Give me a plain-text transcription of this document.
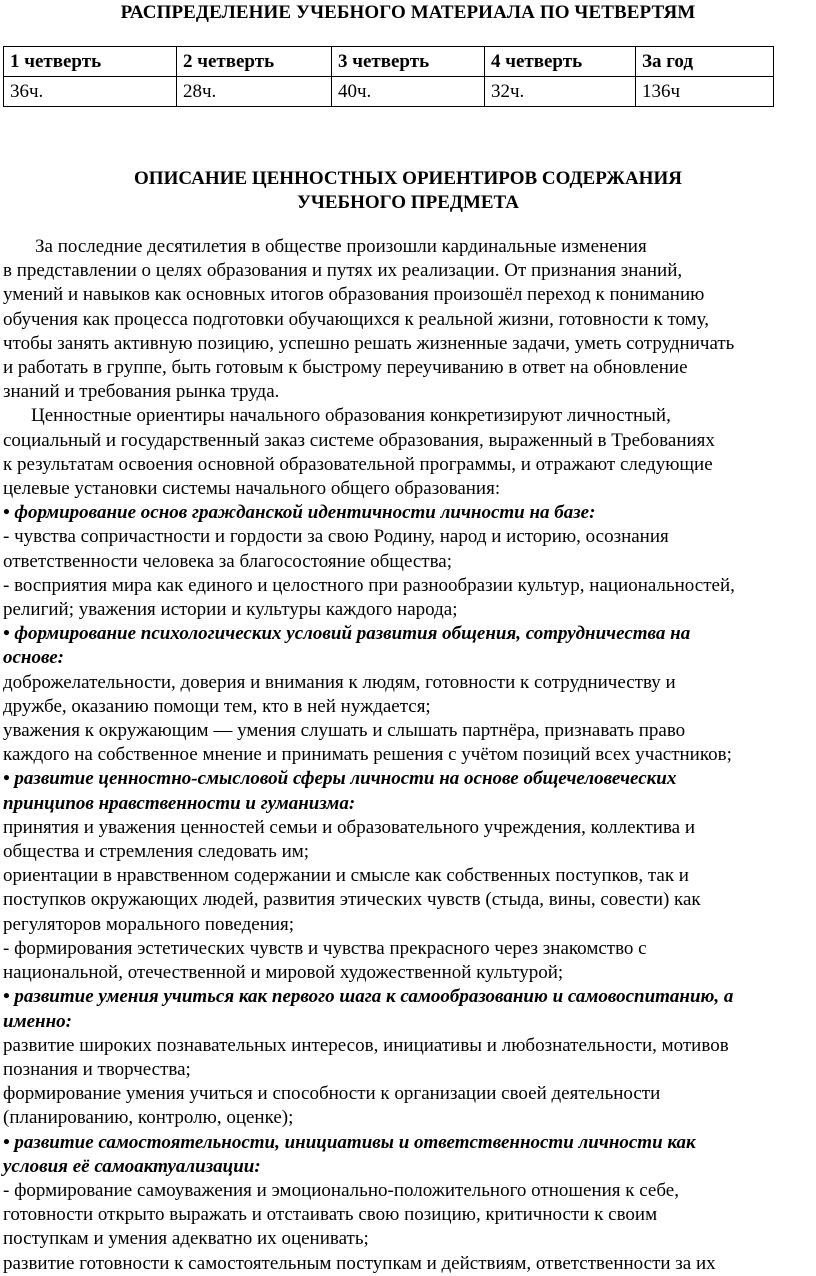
РАСПРЕДЕЛЕНИЕ УЧЕБНОГО МАТЕРИАЛА ПО ЧЕТВЕРТЯМ
1 четверть	2 четверть	3 четверть	4 четверть	За год
36ч.	28ч.	40ч.	32ч.	136ч
ОПИСАНИЕ ЦЕННОСТНЫХ ОРИЕНТИРОВ СОДЕРЖАНИЯ
УЧЕБНОГО ПРЕДМЕТА

За последние десятилетия в обществе произошли кардинальные изменения
в представлении о целях образования и путях их реализации. От признания знаний,
умений и навыков как основных итогов образования произошёл переход к пониманию
обучения как процесса подготовки обучающихся к реальной жизни, готовности к тому,
чтобы занять активную позицию, успешно решать жизненные задачи, уметь сотрудничать
и работать в группе, быть готовым к быстрому переучиванию в ответ на обновление
знаний и требования рынка труда.

Ценностные ориентиры начального образования конкретизируют личностный,
социальный и государственный заказ системе образования, выраженный в Требованиях
к результатам освоения основной образовательной программы, и отражают следующие
целевые установки системы начального общего образования:

• формирование основ гражданской идентичности личности на базе:
- чувства сопричастности и гордости за свою Родину, народ и историю, осознания
ответственности человека за благосостояние общества;
- восприятия мира как единого и целостного при разнообразии культур, национальностей,
религий; уважения истории и культуры каждого народа;

• формирование психологических условий развития общения, сотрудничества на
основе:
доброжелательности, доверия и внимания к людям, готовности к сотрудничеству и
дружбе, оказанию помощи тем, кто в ней нуждается;
уважения к окружающим — умения слушать и слышать партнёра, признавать право
каждого на собственное мнение и принимать решения с учётом позиций всех участников;

• развитие ценностно-смысловой сферы личности на основе общечеловеческих
принципов нравственности и гуманизма:
принятия и уважения ценностей семьи и образовательного учреждения, коллектива и
общества и стремления следовать им;
ориентации в нравственном содержании и смысле как собственных поступков, так и
поступков окружающих людей, развития этических чувств (стыда, вины, совести) как
регуляторов морального поведения;
- формирования эстетических чувств и чувства прекрасного через знакомство с
национальной, отечественной и мировой художественной культурой;

• развитие умения учиться как первого шага к самообразованию и самовоспитанию, а
именно:
развитие широких познавательных интересов, инициативы и любознательности, мотивов
познания и творчества;
формирование умения учиться и способности к организации своей деятельности
(планированию, контролю, оценке);

• развитие самостоятельности, инициативы и ответственности личности как
условия её самоактуализации:
- формирование самоуважения и эмоционально-положительного отношения к себе,
готовности открыто выражать и отстаивать свою позицию, критичности к своим
поступкам и умения адекватно их оценивать;
развитие готовности к самостоятельным поступкам и действиям, ответственности за их
